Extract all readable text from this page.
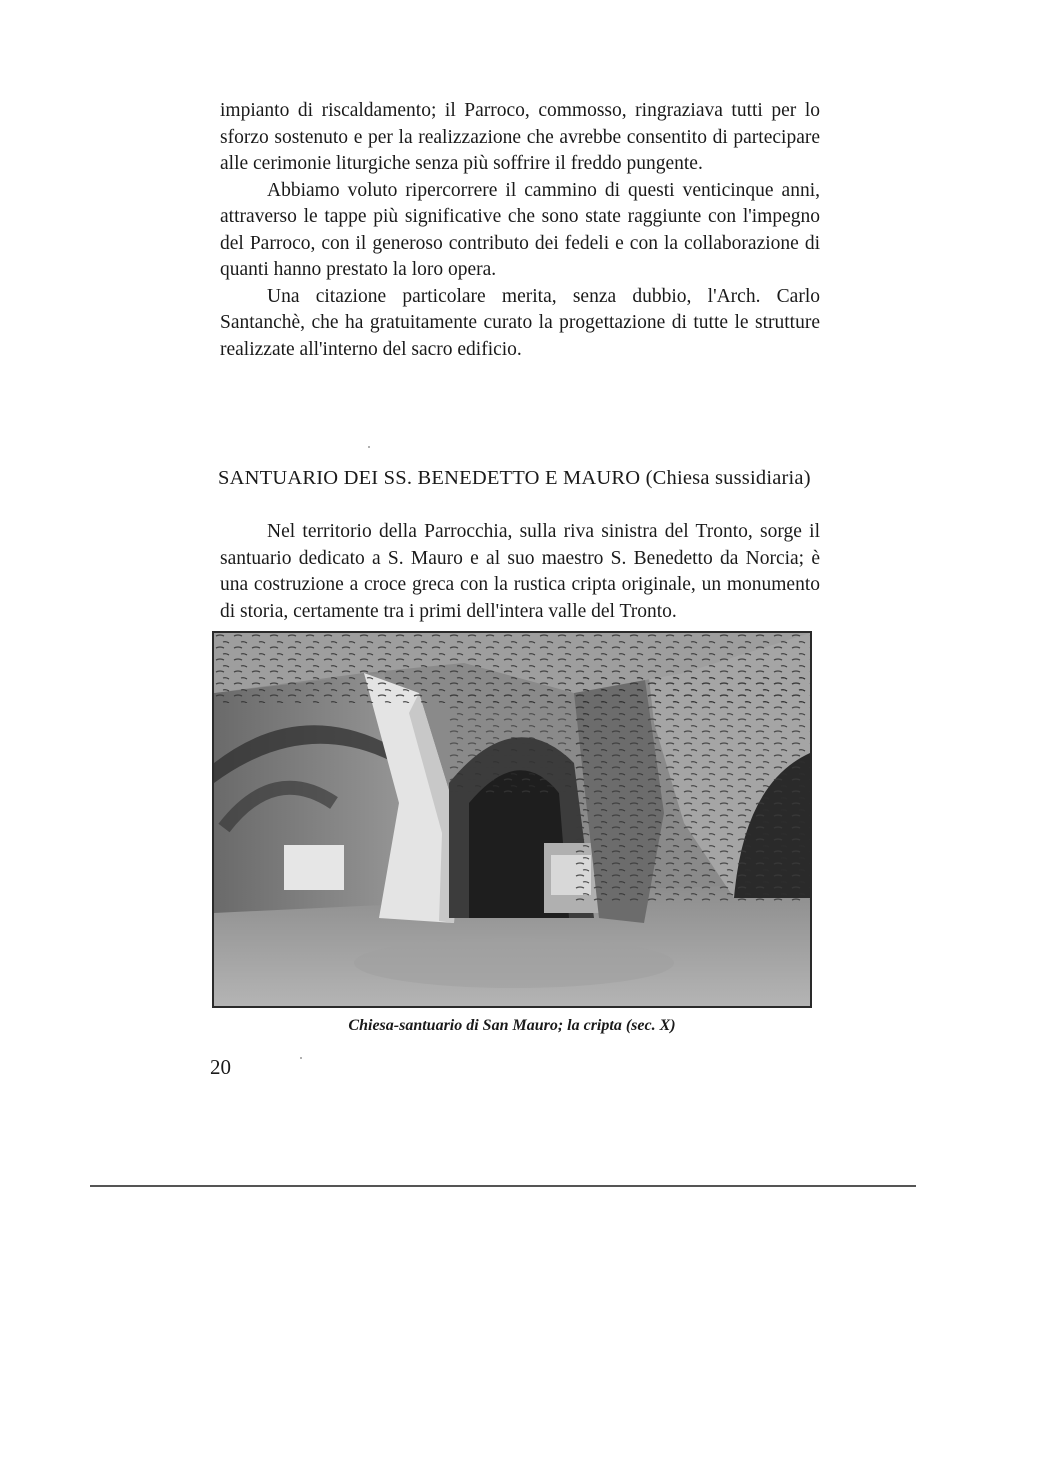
impianto di riscaldamento; il Parroco, commosso, ringraziava tutti per lo sforzo sostenuto e per la realizzazione che avrebbe consentito di partecipare alle cerimonie liturgiche senza più soffrire il freddo pungente.

Abbiamo voluto ripercorrere il cammino di questi venticinque anni, attraverso le tappe più significative che sono state raggiunte con l'impegno del Parroco, con il generoso contributo dei fedeli e con la collaborazione di quanti hanno prestato la loro opera.

Una citazione particolare merita, senza dubbio, l'Arch. Carlo Santanchè, che ha gratuitamente curato la progettazione di tutte le strutture realizzate all'interno del sacro edificio.

SANTUARIO DEI SS. BENEDETTO E MAURO (Chiesa sussidiaria)

Nel territorio della Parrocchia, sulla riva sinistra del Tronto, sorge il santuario dedicato a S. Mauro e al suo maestro S. Benedetto da Norcia; è una costruzione a croce greca con la rustica cripta originale, un monumento di storia, certamente tra i primi dell'intera valle del Tronto.

Chiesa-santuario di San Mauro; la cripta (sec. X)

20
